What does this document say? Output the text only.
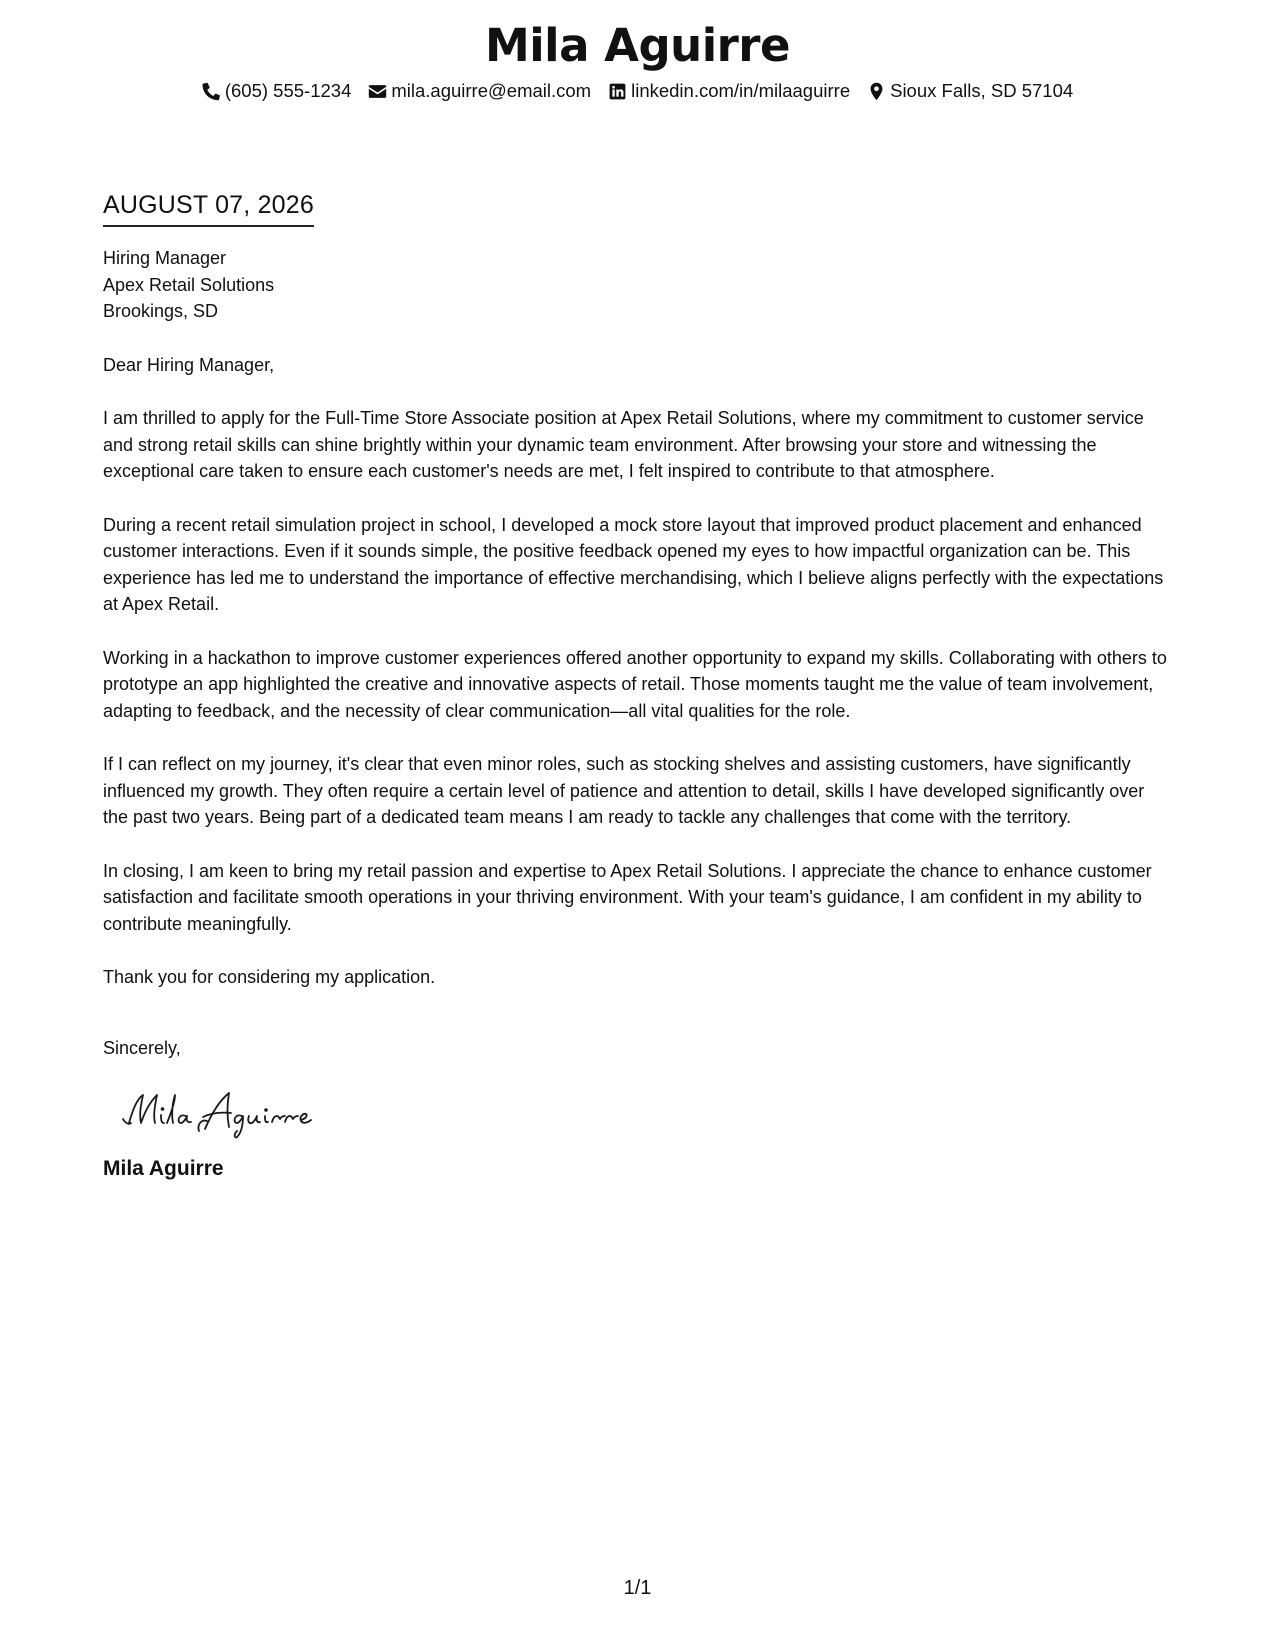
Mila Aguirre
(605) 555-1234 mila.aguirre@email.com linkedin.com/in/milaaguirre Sioux Falls, SD 57104
AUGUST 07, 2026
Hiring Manager
Apex Retail Solutions
Brookings, SD
Dear Hiring Manager,

I am thrilled to apply for the Full-Time Store Associate position at Apex Retail Solutions, where my commitment to customer service and strong retail skills can shine brightly within your dynamic team environment. After browsing your store and witnessing the exceptional care taken to ensure each customer's needs are met, I felt inspired to contribute to that atmosphere.

During a recent retail simulation project in school, I developed a mock store layout that improved product placement and enhanced customer interactions. Even if it sounds simple, the positive feedback opened my eyes to how impactful organization can be. This experience has led me to understand the importance of effective merchandising, which I believe aligns perfectly with the expectations at Apex Retail.

Working in a hackathon to improve customer experiences offered another opportunity to expand my skills. Collaborating with others to prototype an app highlighted the creative and innovative aspects of retail. Those moments taught me the value of team involvement, adapting to feedback, and the necessity of clear communication—all vital qualities for the role.

If I can reflect on my journey, it's clear that even minor roles, such as stocking shelves and assisting customers, have significantly influenced my growth. They often require a certain level of patience and attention to detail, skills I have developed significantly over the past two years. Being part of a dedicated team means I am ready to tackle any challenges that come with the territory.

In closing, I am keen to bring my retail passion and expertise to Apex Retail Solutions. I appreciate the chance to enhance customer satisfaction and facilitate smooth operations in your thriving environment. With your team's guidance, I am confident in my ability to contribute meaningfully.

Thank you for considering my application.

Sincerely,
Mila Aguirre
1/1
